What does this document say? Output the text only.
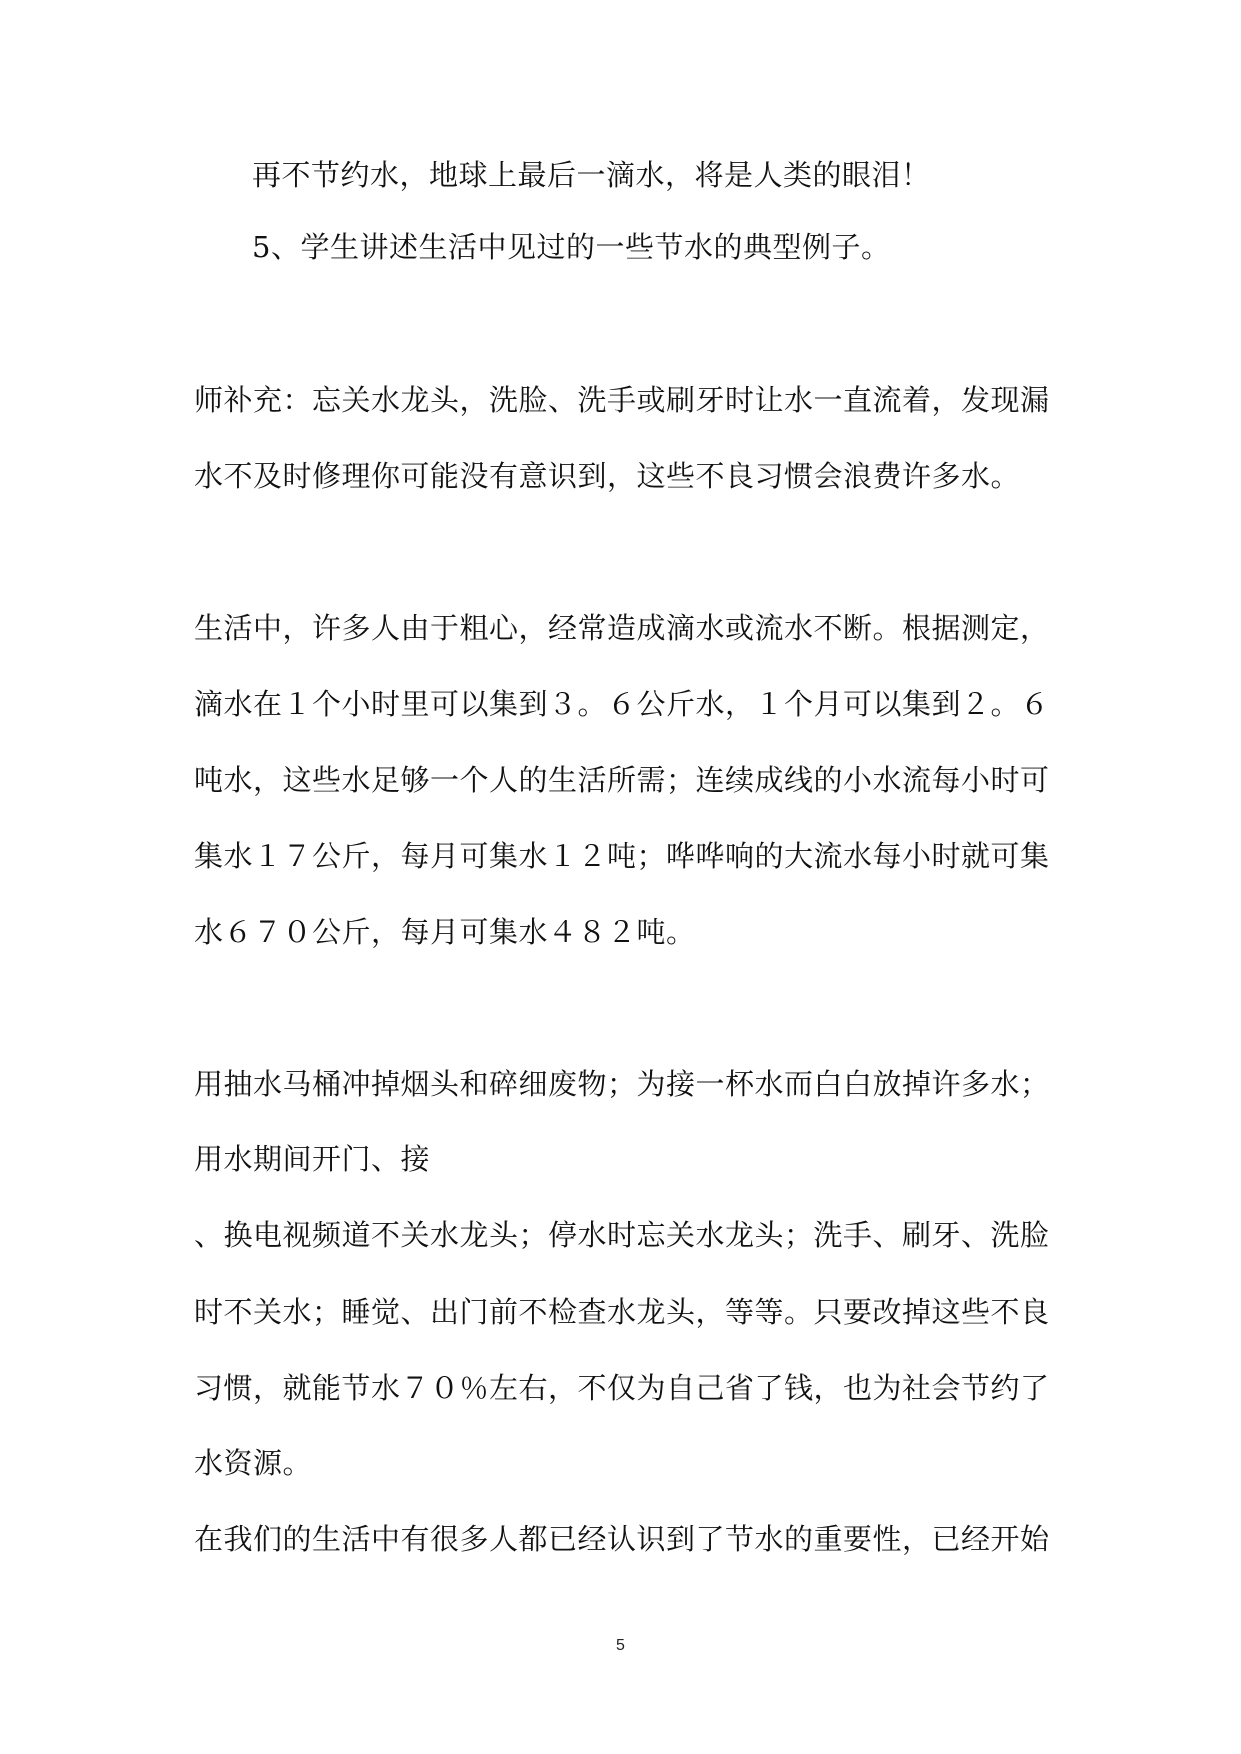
再不节约水，地球上最后一滴水，将是人类的眼泪！
5、学生讲述生活中见过的一些节水的典型例子。
师补充：忘关水龙头，洗脸、洗手或刷牙时让水一直流着，发现漏
水不及时修理你可能没有意识到，这些不良习惯会浪费许多水。
生活中，许多人由于粗心，经常造成滴水或流水不断。根据测定，
滴水在１个小时里可以集到３。６公斤水，１个月可以集到２。６
吨水，这些水足够一个人的生活所需；连续成线的小水流每小时可
集水１７公斤，每月可集水１２吨；哗哗响的大流水每小时就可集
水６７０公斤，每月可集水４８２吨。
用抽水马桶冲掉烟头和碎细废物；为接一杯水而白白放掉许多水；
用水期间开门、接
、换电视频道不关水龙头；停水时忘关水龙头；洗手、刷牙、洗脸
时不关水；睡觉、出门前不检查水龙头，等等。只要改掉这些不良
习惯，就能节水７０％左右，不仅为自己省了钱，也为社会节约了
水资源。
在我们的生活中有很多人都已经认识到了节水的重要性，已经开始
5
